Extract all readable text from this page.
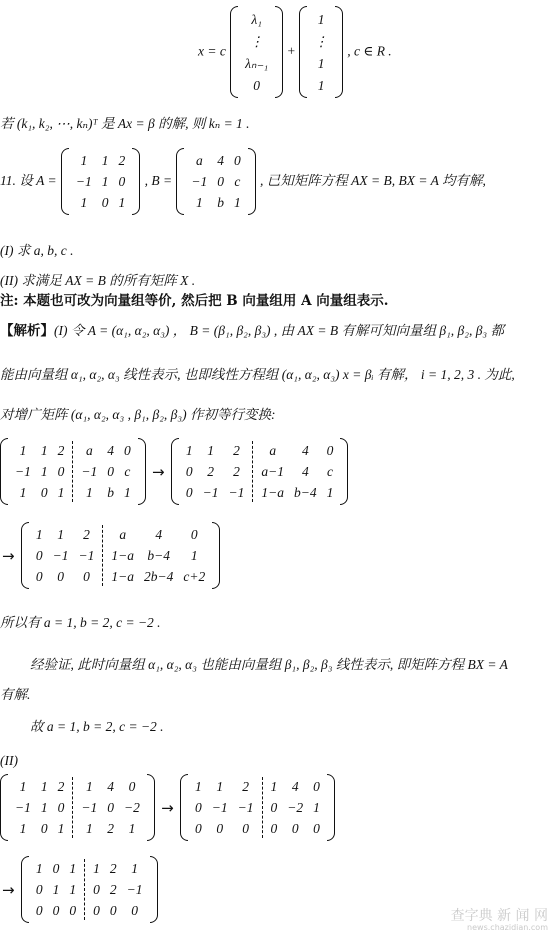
x = c
λ₁
⋮
λₙ₋₁
0
+
1
⋮
1
1
, c ∈ R .
若 (k₁, k₂, ⋯, kₙ)ᵀ 是 Ax = β 的解, 则 kₙ = 1 .
11. 设 A =
1
−1
1
1
1
0
2
0
1
, B =
a
−1
1
4
0
b
0
c
1
, 已知矩阵方程 AX = B, BX = A 均有解,
(I) 求 a, b, c .
(II) 求满足 AX = B 的所有矩阵 X .
注: 本题也可改为向量组等价, 然后把 B 向量组用 A 向量组表示.
【解析】(I) 令 A = (α₁, α₂, α₃) ， B = (β₁, β₂, β₃) , 由 AX = B 有解可知向量组 β₁, β₂, β₃ 都
能由向量组 α₁, α₂, α₃ 线性表示, 也即线性方程组 (α₁, α₂, α₃) x = βᵢ 有解， i = 1, 2, 3 . 为此,
对增广矩阵 (α₁, α₂, α₃ , β₁, β₂, β₃) 作初等行变换:
1
−1
1
1
1
0
2
0
1
a
−1
1
4
0
b
0
c
1
→
1
0
0
1
2
−1
2
2
−1
a
a−1
1−a
4
4
b−4
0
c
1
→
1
0
0
1
−1
0
2
−1
0
a
1−a
1−a
4
b−4
2b−4
0
1
c+2
所以有 a = 1, b = 2, c = −2 .
经验证, 此时向量组 α₁, α₂, α₃ 也能由向量组 β₁, β₂, β₃ 线性表示, 即矩阵方程 BX = A
有解.
故 a = 1, b = 2, c = −2 .
(II)
1
−1
1
1
1
0
2
0
1
1
−1
1
4
0
2
0
−2
1
→
1
0
0
1
−1
0
2
−1
0
1
0
0
4
−2
0
0
1
0
→
1
0
0
0
1
0
1
1
0
1
0
0
2
2
0
1
−1
0	查字典 新 闻 网
news.chazidian.com
